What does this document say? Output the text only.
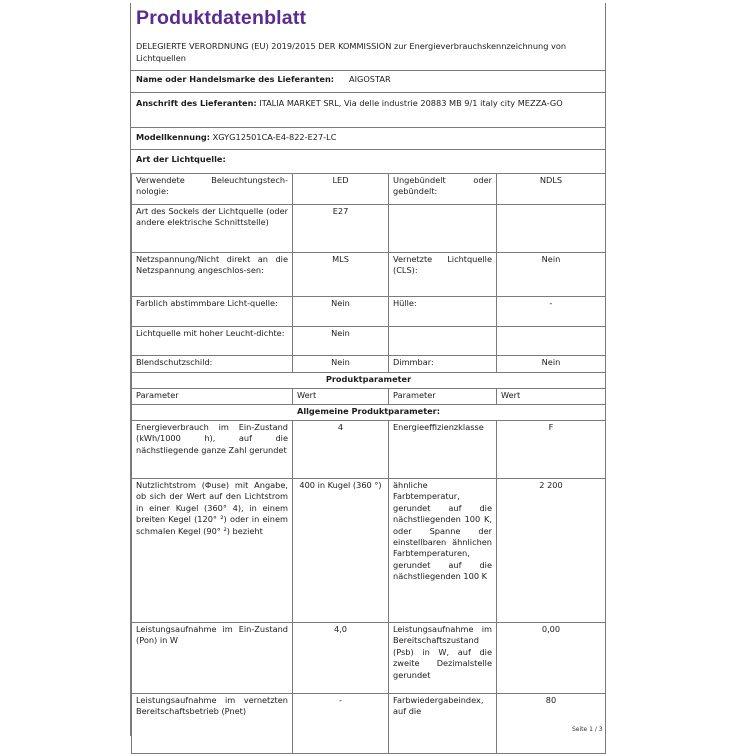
Produktdatenblatt
DELEGIERTE VERORDNUNG (EU) 2019/2015 DER KOMMISSION zur Energieverbrauchskennzeichnung von Lichtquellen
Name oder Handelsmarke des Lieferanten: AIGOSTAR
Anschrift des Lieferanten: ITALIA MARKET SRL, Via delle industrie 20883 MB 9/1 italy city MEZZA-GO
Modellkennung: XGYG12501CA-E4-822-E27-LC
Art der Lichtquelle:
Verwendete Beleuchtungstech-nologie:	LED	Ungebündelt oder gebündelt:	NDLS
Art des Sockels der Lichtquelle (oder andere elektrische Schnittstelle)	E27		
Netzspannung/Nicht direkt an die Netzspannung angeschlos-sen:	MLS	Vernetzte Lichtquelle (CLS):	Nein
Farblich abstimmbare Licht-quelle:	Nein	Hülle:	-
Lichtquelle mit hoher Leucht-dichte:	Nein		
Blendschutzschild:	Nein	Dimmbar:	Nein
Produktparameter			
Parameter	Wert	Parameter	Wert
Allgemeine Produktparameter:			
Energieverbrauch im Ein-Zustand (kWh/1000 h), auf die nächstliegende ganze Zahl gerundet	4	Energieeffizienzklasse	F
Nutzlichtstrom (Φuse) mit Angabe, ob sich der Wert auf den Lichtstrom in einer Kugel (360° 4), in einem breiten Kegel (120° ²) oder in einem schmalen Kegel (90° ²) bezieht	400 in Kugel (360 °)	ähnliche Farbtemperatur, gerundet auf die nächstliegenden 100 K, oder Spanne der einstellbaren ähnlichen Farbtemperaturen, gerundet auf die nächstliegenden 100 K	2 200
Leistungsaufnahme im Ein-Zustand (Pon) in W	4,0	Leistungsaufnahme im Bereitschaftszustand (Psb) in W, auf die zweite Dezimalstelle gerundet	0,00
Leistungsaufnahme im vernetzten Bereitschaftsbetrieb (Pnet)	-	Farbwiedergabeindex, auf die	80
Seite 1 / 3
